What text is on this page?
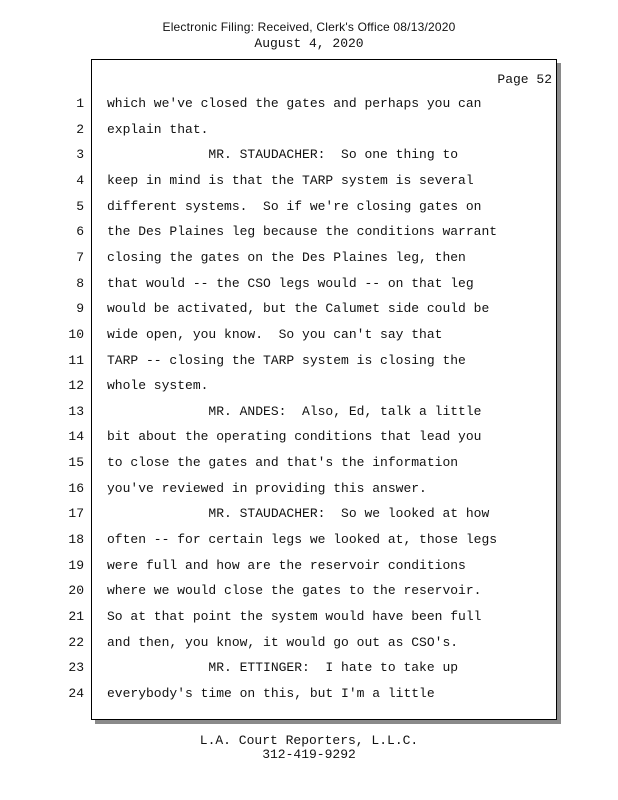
Electronic Filing: Received, Clerk's Office 08/13/2020
August 4, 2020
Page 52
1 which we've closed the gates and perhaps you can
2 explain that.
3 MR. STAUDACHER:  So one thing to
4 keep in mind is that the TARP system is several
5 different systems.  So if we're closing gates on
6 the Des Plaines leg because the conditions warrant
7 closing the gates on the Des Plaines leg, then
8 that would -- the CSO legs would -- on that leg
9 would be activated, but the Calumet side could be
10 wide open, you know.  So you can't say that
11 TARP -- closing the TARP system is closing the
12 whole system.
13 MR. ANDES:  Also, Ed, talk a little
14 bit about the operating conditions that lead you
15 to close the gates and that's the information
16 you've reviewed in providing this answer.
17 MR. STAUDACHER:  So we looked at how
18 often -- for certain legs we looked at, those legs
19 were full and how are the reservoir conditions
20 where we would close the gates to the reservoir.
21 So at that point the system would have been full
22 and then, you know, it would go out as CSO's.
23 MR. ETTINGER:  I hate to take up
24 everybody's time on this, but I'm a little
L.A. Court Reporters, L.L.C.
312-419-9292
